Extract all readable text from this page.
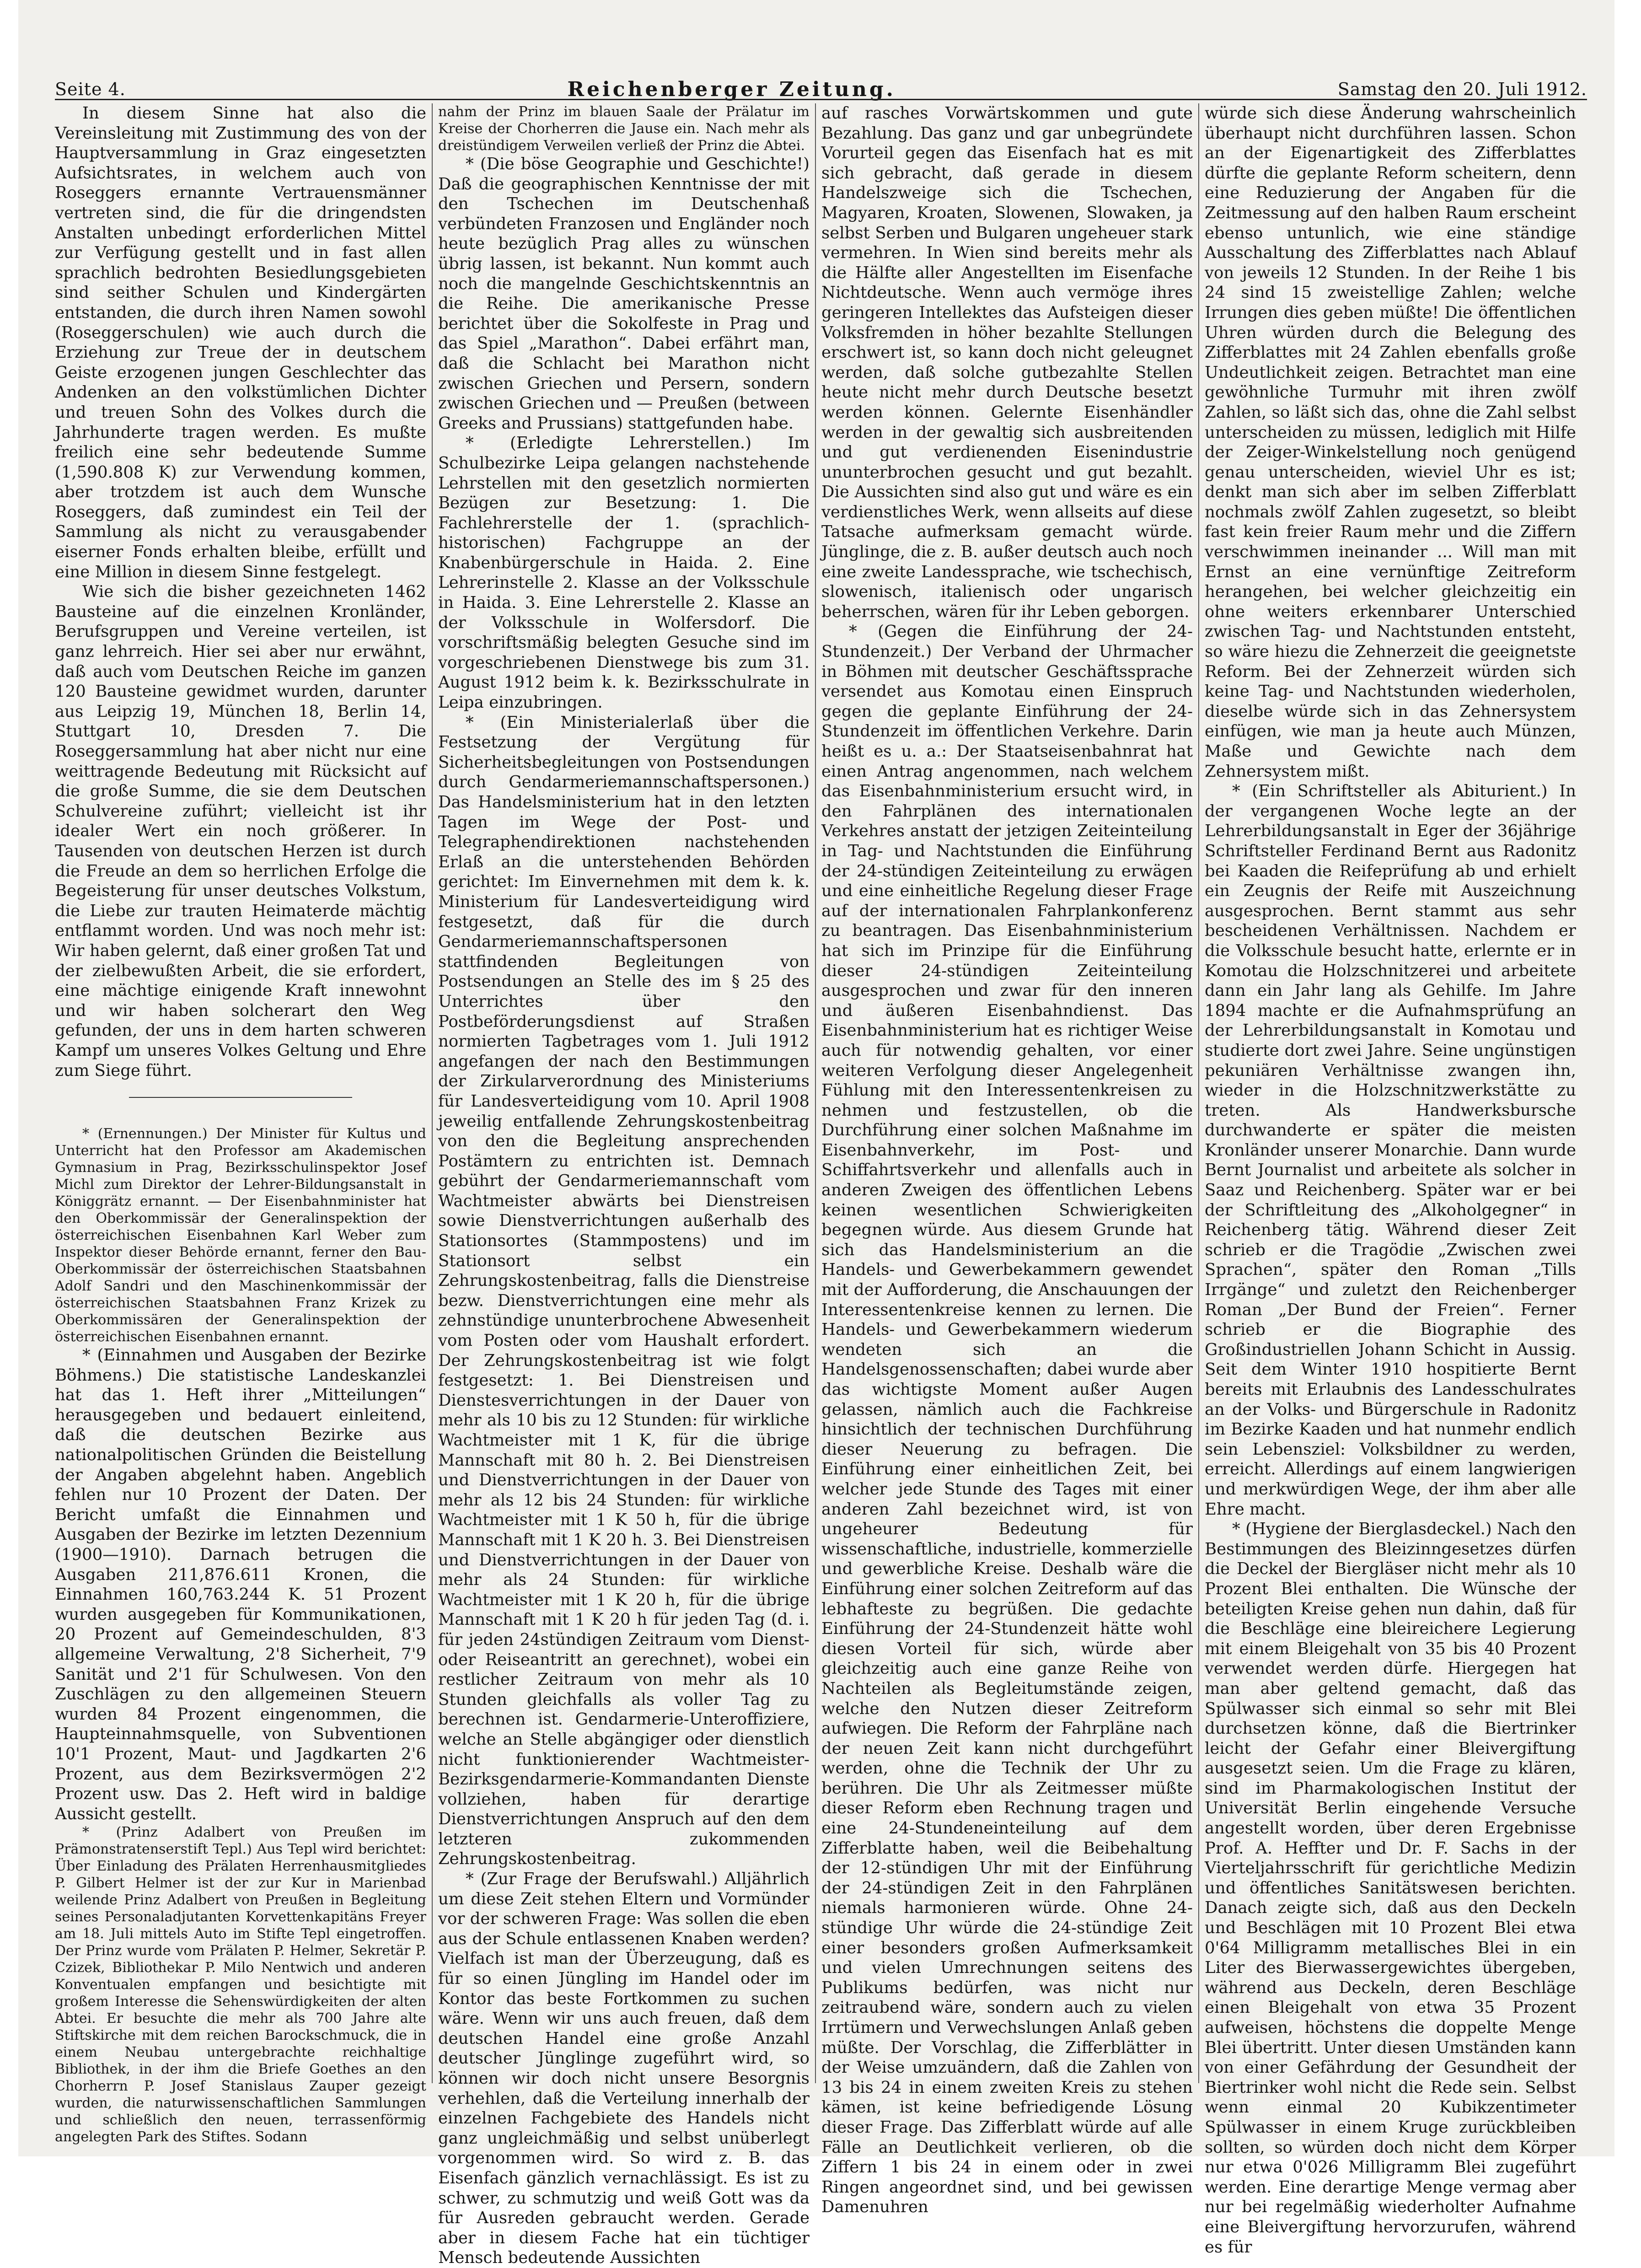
Seite 4.	Reichenberger Zeitung.	Samstag den 20. Juli 1912.

In diesem Sinne hat also die Vereinsleitung mit Zustimmung des von der Hauptversammlung in Graz eingesetzten Aufsichtsrates, in welchem auch von Roseggers ernannte Vertrauensmänner vertreten sind, die für die dringendsten Anstalten unbedingt erforderlichen Mittel zur Verfügung gestellt und in fast allen sprachlich bedrohten Besiedlungsgebieten sind seither Schulen und Kindergärten entstanden, die durch ihren Namen sowohl (Roseggerschulen) wie auch durch die Erziehung zur Treue der in deutschem Geiste erzogenen jungen Geschlechter das Andenken an den volkstümlichen Dichter und treuen Sohn des Volkes durch die Jahrhunderte tragen werden. Es mußte freilich eine sehr bedeutende Summe (1,590.808 K) zur Verwendung kommen, aber trotzdem ist auch dem Wunsche Roseggers, daß zumindest ein Teil der Sammlung als nicht zu verausgabender eiserner Fonds erhalten bleibe, erfüllt und eine Million in diesem Sinne festgelegt.

Wie sich die bisher gezeichneten 1462 Bausteine auf die einzelnen Kronländer, Berufsgruppen und Vereine verteilen, ist ganz lehrreich. Hier sei aber nur erwähnt, daß auch vom Deutschen Reiche im ganzen 120 Bausteine gewidmet wurden, darunter aus Leipzig 19, München 18, Berlin 14, Stuttgart 10, Dresden 7. Die Roseggersammlung hat aber nicht nur eine weittragende Bedeutung mit Rücksicht auf die große Summe, die sie dem Deutschen Schulvereine zuführt; vielleicht ist ihr idealer Wert ein noch größerer. In Tausenden von deutschen Herzen ist durch die Freude an dem so herrlichen Erfolge die Begeisterung für unser deutsches Volkstum, die Liebe zur trauten Heimaterde mächtig entflammt worden. Und was noch mehr ist: Wir haben gelernt, daß einer großen Tat und der zielbewußten Arbeit, die sie erfordert, eine mächtige einigende Kraft innewohnt und wir haben solcherart den Weg gefunden, der uns in dem harten schweren Kampf um unseres Volkes Geltung und Ehre zum Siege führt.

* (Ernennungen.) Der Minister für Kultus und Unterricht hat den Professor am Akademischen Gymnasium in Prag, Bezirksschulinspektor Josef Michl zum Direktor der Lehrer-Bildungsanstalt in Königgrätz ernannt. — Der Eisenbahnminister hat den Oberkommissär der Generalinspektion der österreichischen Eisenbahnen Karl Weber zum Inspektor dieser Behörde ernannt, ferner den Bau-Oberkommissär der österreichischen Staatsbahnen Adolf Sandri und den Maschinenkommissär der österreichischen Staatsbahnen Franz Krizek zu Oberkommissären der Generalinspektion der österreichischen Eisenbahnen ernannt.

* (Einnahmen und Ausgaben der Bezirke Böhmens.) Die statistische Landeskanzlei hat das 1. Heft ihrer „Mitteilungen“ herausgegeben und bedauert einleitend, daß die deutschen Bezirke aus nationalpolitischen Gründen die Beistellung der Angaben abgelehnt haben. Angeblich fehlen nur 10 Prozent der Daten. Der Bericht umfaßt die Einnahmen und Ausgaben der Bezirke im letzten Dezennium (1900—1910). Darnach betrugen die Ausgaben 211,876.611 Kronen, die Einnahmen 160,763.244 K. 51 Prozent wurden ausgegeben für Kommunikationen, 20 Prozent auf Gemeindeschulden, 8'3 allgemeine Verwaltung, 2'8 Sicherheit, 7'9 Sanität und 2'1 für Schulwesen. Von den Zuschlägen zu den allgemeinen Steuern wurden 84 Prozent eingenommen, die Haupteinnahmsquelle, von Subventionen 10'1 Prozent, Maut- und Jagdkarten 2'6 Prozent, aus dem Bezirksvermögen 2'2 Prozent usw. Das 2. Heft wird in baldige Aussicht gestellt.

* (Prinz Adalbert von Preußen im Prämonstratenserstift Tepl.) Aus Tepl wird berichtet: Über Einladung des Prälaten Herrenhausmitgliedes P. Gilbert Helmer ist der zur Kur in Marienbad weilende Prinz Adalbert von Preußen in Begleitung seines Personaladjutanten Korvettenkapitäns Freyer am 18. Juli mittels Auto im Stifte Tepl eingetroffen. Der Prinz wurde vom Prälaten P. Helmer, Sekretär P. Czizek, Bibliothekar P. Milo Nentwich und anderen Konventualen empfangen und besichtigte mit großem Interesse die Sehenswürdigkeiten der alten Abtei. Er besuchte die mehr als 700 Jahre alte Stiftskirche mit dem reichen Barockschmuck, die in einem Neubau untergebrachte reichhaltige Bibliothek, in der ihm die Briefe Goethes an den Chorherrn P. Josef Stanislaus Zauper gezeigt wurden, die naturwissenschaftlichen Sammlungen und schließlich den neuen, terrassenförmig angelegten Park des Stiftes. Sodann

nahm der Prinz im blauen Saale der Prälatur im Kreise der Chorherren die Jause ein. Nach mehr als dreistündigem Verweilen verließ der Prinz die Abtei.

* (Die böse Geographie und Geschichte!) Daß die geographischen Kenntnisse der mit den Tschechen im Deutschenhaß verbündeten Franzosen und Engländer noch heute bezüglich Prag alles zu wünschen übrig lassen, ist bekannt. Nun kommt auch noch die mangelnde Geschichtskenntnis an die Reihe. Die amerikanische Presse berichtet über die Sokolfeste in Prag und das Spiel „Marathon“. Dabei erfährt man, daß die Schlacht bei Marathon nicht zwischen Griechen und Persern, sondern zwischen Griechen und — Preußen (between Greeks and Prussians) stattgefunden habe.

* (Erledigte Lehrerstellen.) Im Schulbezirke Leipa gelangen nachstehende Lehrstellen mit den gesetzlich normierten Bezügen zur Besetzung: 1. Die Fachlehrerstelle der 1. (sprachlich-historischen) Fachgruppe an der Knabenbürgerschule in Haida. 2. Eine Lehrerinstelle 2. Klasse an der Volksschule in Haida. 3. Eine Lehrerstelle 2. Klasse an der Volksschule in Wolfersdorf. Die vorschriftsmäßig belegten Gesuche sind im vorgeschriebenen Dienstwege bis zum 31. August 1912 beim k. k. Bezirksschulrate in Leipa einzubringen.

* (Ein Ministerialerlaß über die Festsetzung der Vergütung für Sicherheitsbegleitungen von Postsendungen durch Gendarmeriemannschaftspersonen.) Das Handelsministerium hat in den letzten Tagen im Wege der Post- und Telegraphendirektionen nachstehenden Erlaß an die unterstehenden Behörden gerichtet: Im Einvernehmen mit dem k. k. Ministerium für Landesverteidigung wird festgesetzt, daß für die durch Gendarmeriemannschaftspersonen stattfindenden Begleitungen von Postsendungen an Stelle des im § 25 des Unterrichtes über den Postbeförderungsdienst auf Straßen normierten Tagbetrages vom 1. Juli 1912 angefangen der nach den Bestimmungen der Zirkularverordnung des Ministeriums für Landesverteidigung vom 10. April 1908 jeweilig entfallende Zehrungskostenbeitrag von den die Begleitung ansprechenden Postämtern zu entrichten ist. Demnach gebührt der Gendarmeriemannschaft vom Wachtmeister abwärts bei Dienstreisen sowie Dienstverrichtungen außerhalb des Stationsortes (Stammpostens) und im Stationsort selbst ein Zehrungskostenbeitrag, falls die Dienstreise bezw. Dienstverrichtungen eine mehr als zehnstündige ununterbrochene Abwesenheit vom Posten oder vom Haushalt erfordert. Der Zehrungskostenbeitrag ist wie folgt festgesetzt: 1. Bei Dienstreisen und Dienstesverrichtungen in der Dauer von mehr als 10 bis zu 12 Stunden: für wirkliche Wachtmeister mit 1 K, für die übrige Mannschaft mit 80 h. 2. Bei Dienstreisen und Dienstverrichtungen in der Dauer von mehr als 12 bis 24 Stunden: für wirkliche Wachtmeister mit 1 K 50 h, für die übrige Mannschaft mit 1 K 20 h. 3. Bei Dienstreisen und Dienstverrichtungen in der Dauer von mehr als 24 Stunden: für wirkliche Wachtmeister mit 1 K 20 h, für die übrige Mannschaft mit 1 K 20 h für jeden Tag (d. i. für jeden 24stündigen Zeitraum vom Dienst- oder Reiseantritt an gerechnet), wobei ein restlicher Zeitraum von mehr als 10 Stunden gleichfalls als voller Tag zu berechnen ist. Gendarmerie-Unteroffiziere, welche an Stelle abgängiger oder dienstlich nicht funktionierender Wachtmeister-Bezirksgendarmerie-Kommandanten Dienste vollziehen, haben für derartige Dienstverrichtungen Anspruch auf den dem letzteren zukommenden Zehrungskostenbeitrag.

* (Zur Frage der Berufswahl.) Alljährlich um diese Zeit stehen Eltern und Vormünder vor der schweren Frage: Was sollen die eben aus der Schule entlassenen Knaben werden? Vielfach ist man der Überzeugung, daß es für so einen Jüngling im Handel oder im Kontor das beste Fortkommen zu suchen wäre. Wenn wir uns auch freuen, daß dem deutschen Handel eine große Anzahl deutscher Jünglinge zugeführt wird, so können wir doch nicht unsere Besorgnis verhehlen, daß die Verteilung innerhalb der einzelnen Fachgebiete des Handels nicht ganz ungleichmäßig und selbst unüberlegt vorgenommen wird. So wird z. B. das Eisenfach gänzlich vernachlässigt. Es ist zu schwer, zu schmutzig und weiß Gott was da für Ausreden gebraucht werden. Gerade aber in diesem Fache hat ein tüchtiger Mensch bedeutende Aussichten

auf rasches Vorwärtskommen und gute Bezahlung. Das ganz und gar unbegründete Vorurteil gegen das Eisenfach hat es mit sich gebracht, daß gerade in diesem Handelszweige sich die Tschechen, Magyaren, Kroaten, Slowenen, Slowaken, ja selbst Serben und Bulgaren ungeheuer stark vermehren. In Wien sind bereits mehr als die Hälfte aller Angestellten im Eisenfache Nichtdeutsche. Wenn auch vermöge ihres geringeren Intellektes das Aufsteigen dieser Volksfremden in höher bezahlte Stellungen erschwert ist, so kann doch nicht geleugnet werden, daß solche gutbezahlte Stellen heute nicht mehr durch Deutsche besetzt werden können. Gelernte Eisenhändler werden in der gewaltig sich ausbreitenden und gut verdienenden Eisenindustrie ununterbrochen gesucht und gut bezahlt. Die Aussichten sind also gut und wäre es ein verdienstliches Werk, wenn allseits auf diese Tatsache aufmerksam gemacht würde. Jünglinge, die z. B. außer deutsch auch noch eine zweite Landessprache, wie tschechisch, slowenisch, italienisch oder ungarisch beherrschen, wären für ihr Leben geborgen.

* (Gegen die Einführung der 24-Stundenzeit.) Der Verband der Uhrmacher in Böhmen mit deutscher Geschäftssprache versendet aus Komotau einen Einspruch gegen die geplante Einführung der 24-Stundenzeit im öffentlichen Verkehre. Darin heißt es u. a.: Der Staatseisenbahnrat hat einen Antrag angenommen, nach welchem das Eisenbahnministerium ersucht wird, in den Fahrplänen des internationalen Verkehres anstatt der jetzigen Zeiteinteilung in Tag- und Nachtstunden die Einführung der 24-stündigen Zeiteinteilung zu erwägen und eine einheitliche Regelung dieser Frage auf der internationalen Fahrplankonferenz zu beantragen. Das Eisenbahnministerium hat sich im Prinzipe für die Einführung dieser 24-stündigen Zeiteinteilung ausgesprochen und zwar für den inneren und äußeren Eisenbahndienst. Das Eisenbahnministerium hat es richtiger Weise auch für notwendig gehalten, vor einer weiteren Verfolgung dieser Angelegenheit Fühlung mit den Interessentenkreisen zu nehmen und festzustellen, ob die Durchführung einer solchen Maßnahme im Eisenbahnverkehr, im Post- und Schiffahrtsverkehr und allenfalls auch in anderen Zweigen des öffentlichen Lebens keinen wesentlichen Schwierigkeiten begegnen würde. Aus diesem Grunde hat sich das Handelsministerium an die Handels- und Gewerbekammern gewendet mit der Aufforderung, die Anschauungen der Interessentenkreise kennen zu lernen. Die Handels- und Gewerbekammern wiederum wendeten sich an die Handelsgenossenschaften; dabei wurde aber das wichtigste Moment außer Augen gelassen, nämlich auch die Fachkreise hinsichtlich der technischen Durchführung dieser Neuerung zu befragen. Die Einführung einer einheitlichen Zeit, bei welcher jede Stunde des Tages mit einer anderen Zahl bezeichnet wird, ist von ungeheurer Bedeutung für wissenschaftliche, industrielle, kommerzielle und gewerbliche Kreise. Deshalb wäre die Einführung einer solchen Zeitreform auf das lebhafteste zu begrüßen. Die gedachte Einführung der 24-Stundenzeit hätte wohl diesen Vorteil für sich, würde aber gleichzeitig auch eine ganze Reihe von Nachteilen als Begleitumstände zeigen, welche den Nutzen dieser Zeitreform aufwiegen. Die Reform der Fahrpläne nach der neuen Zeit kann nicht durchgeführt werden, ohne die Technik der Uhr zu berühren. Die Uhr als Zeitmesser müßte dieser Reform eben Rechnung tragen und eine 24-Stundeneinteilung auf dem Zifferblatte haben, weil die Beibehaltung der 12-stündigen Uhr mit der Einführung der 24-stündigen Zeit in den Fahrplänen niemals harmonieren würde. Ohne 24-stündige Uhr würde die 24-stündige Zeit einer besonders großen Aufmerksamkeit und vielen Umrechnungen seitens des Publikums bedürfen, was nicht nur zeitraubend wäre, sondern auch zu vielen Irrtümern und Verwechslungen Anlaß geben müßte. Der Vorschlag, die Zifferblätter in der Weise umzuändern, daß die Zahlen von 13 bis 24 in einem zweiten Kreis zu stehen kämen, ist keine befriedigende Lösung dieser Frage. Das Zifferblatt würde auf alle Fälle an Deutlichkeit verlieren, ob die Ziffern 1 bis 24 in einem oder in zwei Ringen angeordnet sind, und bei gewissen Damenuhren

würde sich diese Änderung wahrscheinlich überhaupt nicht durchführen lassen. Schon an der Eigenartigkeit des Zifferblattes dürfte die geplante Reform scheitern, denn eine Reduzierung der Angaben für die Zeitmessung auf den halben Raum erscheint ebenso untunlich, wie eine ständige Ausschaltung des Zifferblattes nach Ablauf von jeweils 12 Stunden. In der Reihe 1 bis 24 sind 15 zweistellige Zahlen; welche Irrungen dies geben müßte! Die öffentlichen Uhren würden durch die Belegung des Zifferblattes mit 24 Zahlen ebenfalls große Undeutlichkeit zeigen. Betrachtet man eine gewöhnliche Turmuhr mit ihren zwölf Zahlen, so läßt sich das, ohne die Zahl selbst unterscheiden zu müssen, lediglich mit Hilfe der Zeiger-Winkelstellung noch genügend genau unterscheiden, wieviel Uhr es ist; denkt man sich aber im selben Zifferblatt nochmals zwölf Zahlen zugesetzt, so bleibt fast kein freier Raum mehr und die Ziffern verschwimmen ineinander ... Will man mit Ernst an eine vernünftige Zeitreform herangehen, bei welcher gleichzeitig ein ohne weiters erkennbarer Unterschied zwischen Tag- und Nachtstunden entsteht, so wäre hiezu die Zehnerzeit die geeignetste Reform. Bei der Zehnerzeit würden sich keine Tag- und Nachtstunden wiederholen, dieselbe würde sich in das Zehnersystem einfügen, wie man ja heute auch Münzen, Maße und Gewichte nach dem Zehnersystem mißt.

* (Ein Schriftsteller als Abiturient.) In der vergangenen Woche legte an der Lehrerbildungsanstalt in Eger der 36jährige Schriftsteller Ferdinand Bernt aus Radonitz bei Kaaden die Reifeprüfung ab und erhielt ein Zeugnis der Reife mit Auszeichnung ausgesprochen. Bernt stammt aus sehr bescheidenen Verhältnissen. Nachdem er die Volksschule besucht hatte, erlernte er in Komotau die Holzschnitzerei und arbeitete dann ein Jahr lang als Gehilfe. Im Jahre 1894 machte er die Aufnahmsprüfung an der Lehrerbildungsanstalt in Komotau und studierte dort zwei Jahre. Seine ungünstigen pekuniären Verhältnisse zwangen ihn, wieder in die Holzschnitzwerkstätte zu treten. Als Handwerksbursche durchwanderte er später die meisten Kronländer unserer Monarchie. Dann wurde Bernt Journalist und arbeitete als solcher in Saaz und Reichenberg. Später war er bei der Schriftleitung des „Alkoholgegner“ in Reichenberg tätig. Während dieser Zeit schrieb er die Tragödie „Zwischen zwei Sprachen“, später den Roman „Tills Irrgänge“ und zuletzt den Reichenberger Roman „Der Bund der Freien“. Ferner schrieb er die Biographie des Großindustriellen Johann Schicht in Aussig. Seit dem Winter 1910 hospitierte Bernt bereits mit Erlaubnis des Landesschulrates an der Volks- und Bürgerschule in Radonitz im Bezirke Kaaden und hat nunmehr endlich sein Lebensziel: Volksbildner zu werden, erreicht. Allerdings auf einem langwierigen und merkwürdigen Wege, der ihm aber alle Ehre macht.

* (Hygiene der Bierglasdeckel.) Nach den Bestimmungen des Bleizinngesetzes dürfen die Deckel der Biergläser nicht mehr als 10 Prozent Blei enthalten. Die Wünsche der beteiligten Kreise gehen nun dahin, daß für die Beschläge eine bleireichere Legierung mit einem Bleigehalt von 35 bis 40 Prozent verwendet werden dürfe. Hiergegen hat man aber geltend gemacht, daß das Spülwasser sich einmal so sehr mit Blei durchsetzen könne, daß die Biertrinker leicht der Gefahr einer Bleivergiftung ausgesetzt seien. Um die Frage zu klären, sind im Pharmakologischen Institut der Universität Berlin eingehende Versuche angestellt worden, über deren Ergebnisse Prof. A. Heffter und Dr. F. Sachs in der Vierteljahrsschrift für gerichtliche Medizin und öffentliches Sanitätswesen berichten. Danach zeigte sich, daß aus den Deckeln und Beschlägen mit 10 Prozent Blei etwa 0'64 Milligramm metallisches Blei in ein Liter des Bierwassergewichtes übergeben, während aus Deckeln, deren Beschläge einen Bleigehalt von etwa 35 Prozent aufweisen, höchstens die doppelte Menge Blei übertritt. Unter diesen Umständen kann von einer Gefährdung der Gesundheit der Biertrinker wohl nicht die Rede sein. Selbst wenn einmal 20 Kubikzentimeter Spülwasser in einem Kruge zurückbleiben sollten, so würden doch nicht dem Körper nur etwa 0'026 Milligramm Blei zugeführt werden. Eine derartige Menge vermag aber nur bei regelmäßig wiederholter Aufnahme eine Bleivergiftung hervorzurufen, während es für
